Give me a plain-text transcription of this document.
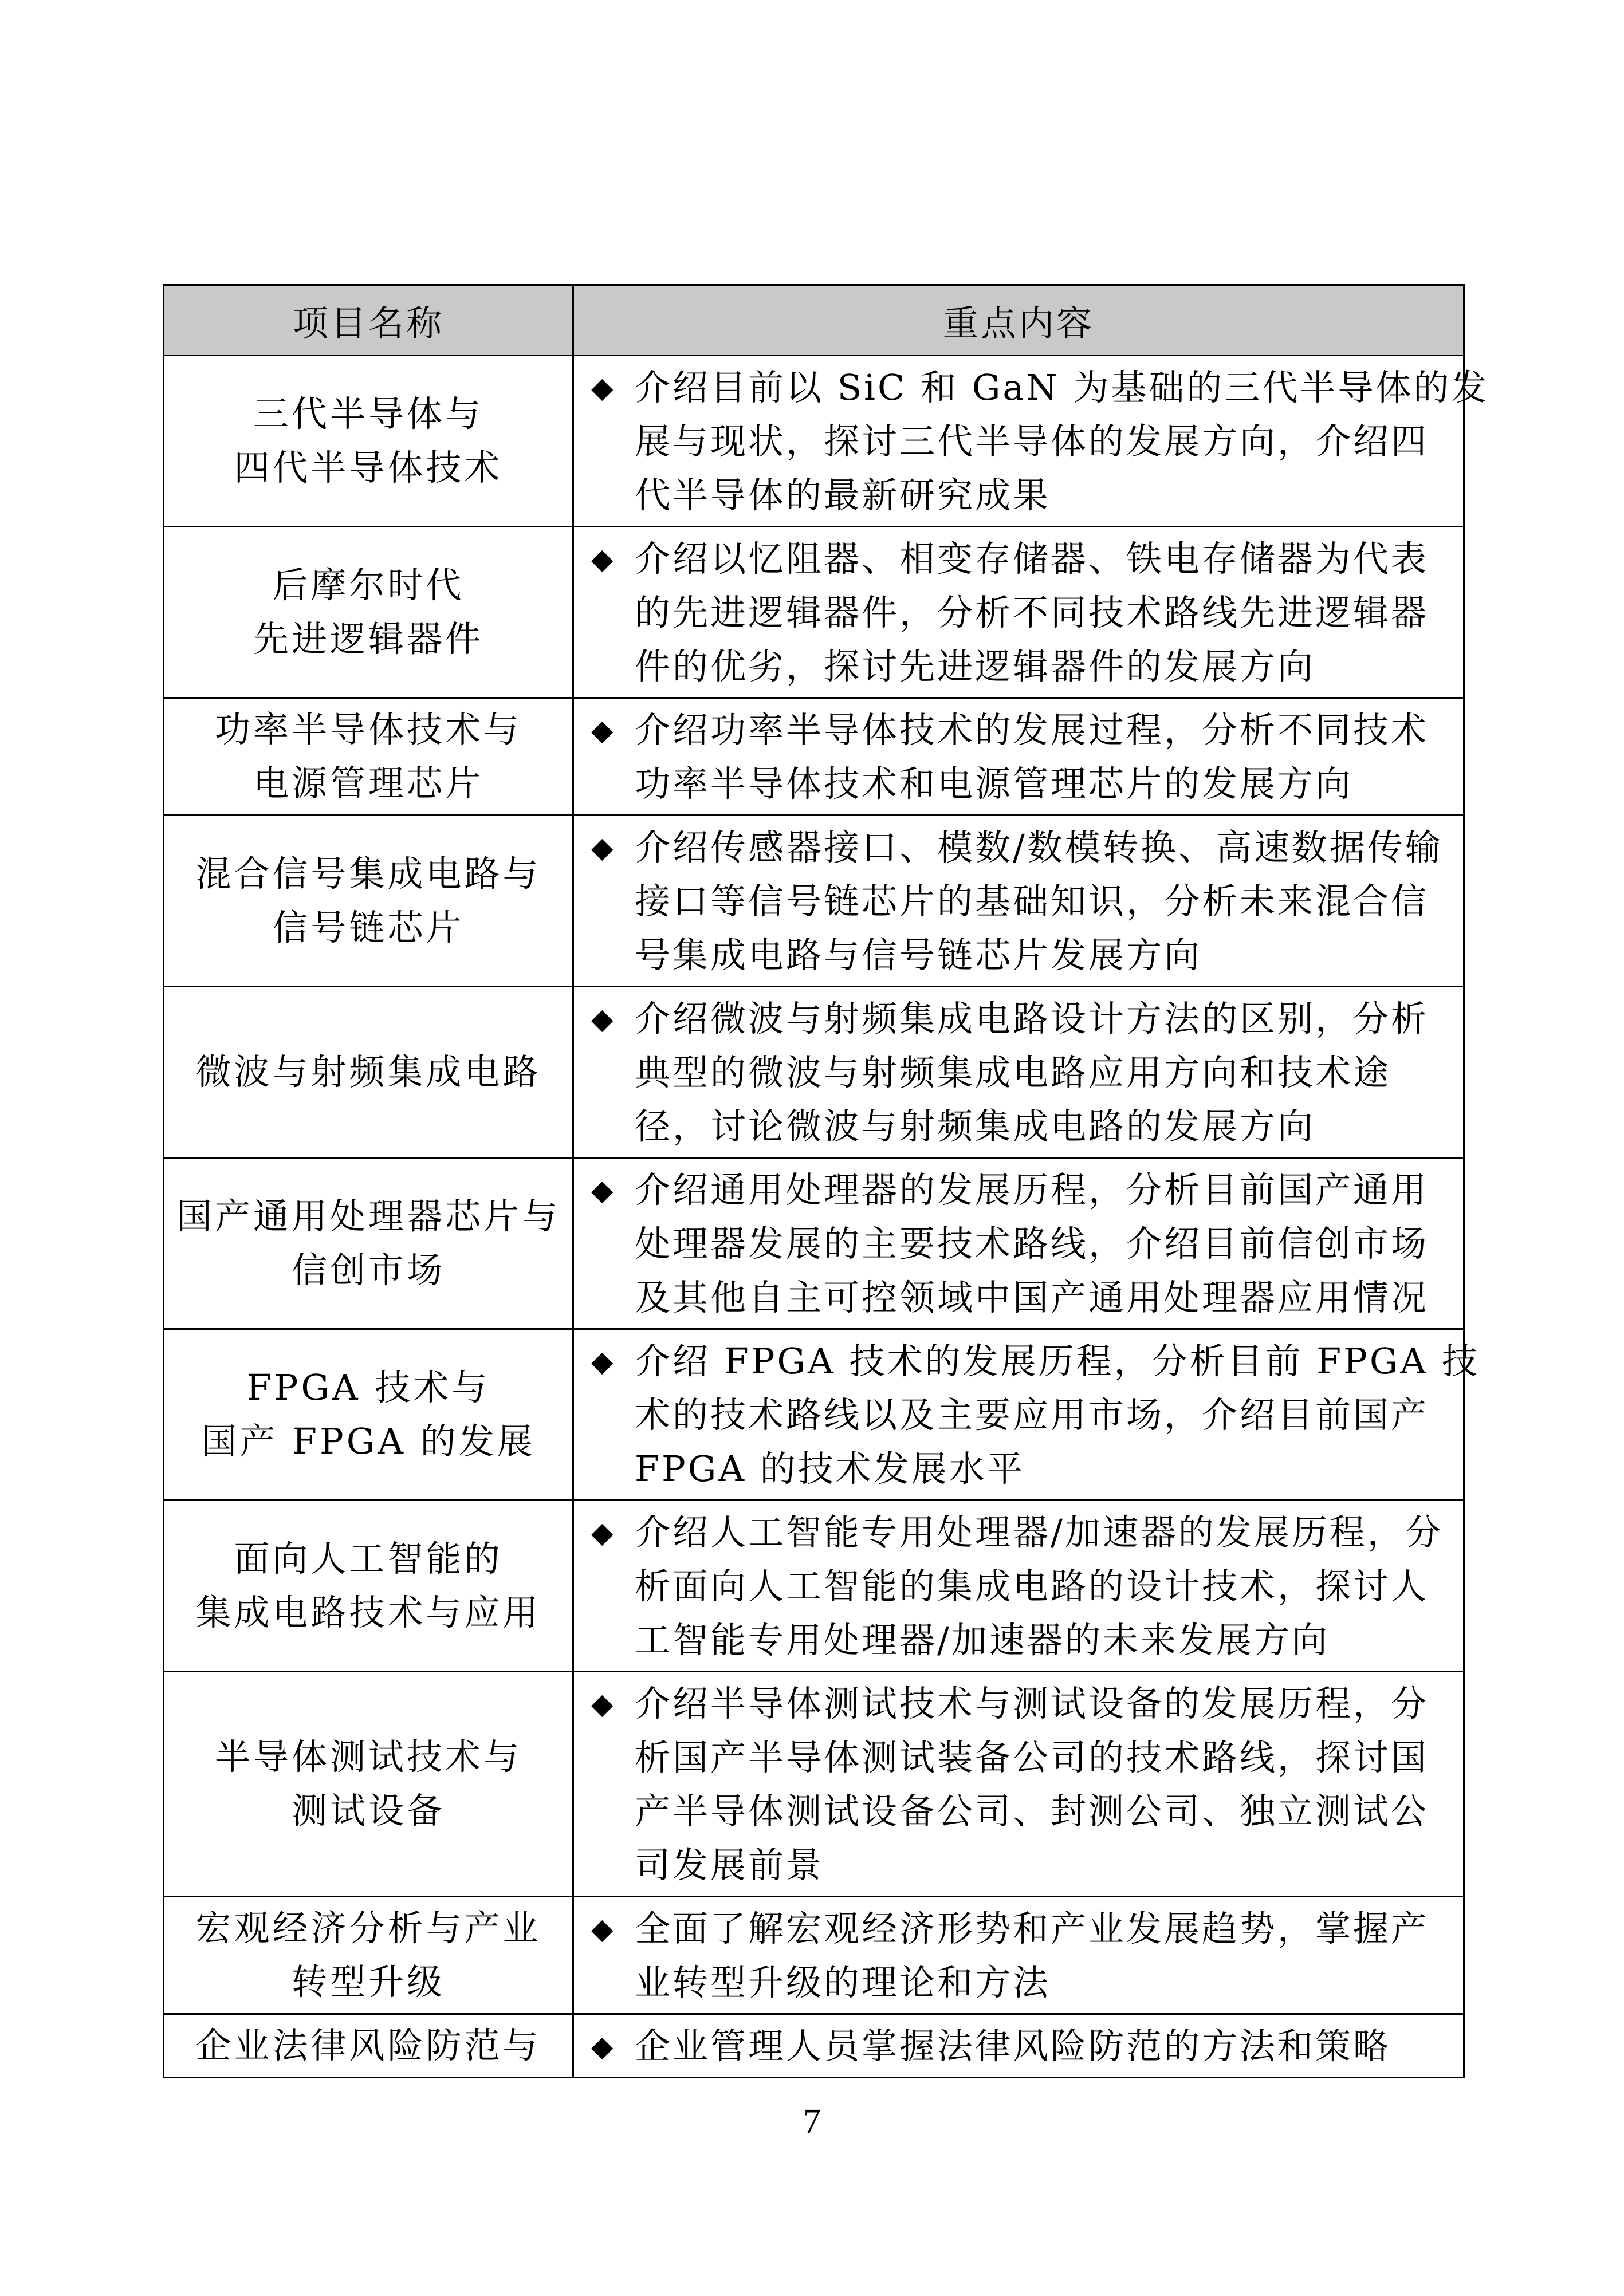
项目名称	重点内容

三代半导体与
四代半导体技术	◆ 介绍目前以 SiC 和 GaN 为基础的三代半导体的发
展与现状，探讨三代半导体的发展方向，介绍四
代半导体的最新研究成果

后摩尔时代
先进逻辑器件	◆ 介绍以忆阻器、相变存储器、铁电存储器为代表
的先进逻辑器件，分析不同技术路线先进逻辑器
件的优劣，探讨先进逻辑器件的发展方向

功率半导体技术与
电源管理芯片	◆ 介绍功率半导体技术的发展过程，分析不同技术
功率半导体技术和电源管理芯片的发展方向

混合信号集成电路与
信号链芯片	◆ 介绍传感器接口、模数/数模转换、高速数据传输
接口等信号链芯片的基础知识，分析未来混合信
号集成电路与信号链芯片发展方向

微波与射频集成电路	◆ 介绍微波与射频集成电路设计方法的区别，分析
典型的微波与射频集成电路应用方向和技术途
径，讨论微波与射频集成电路的发展方向

国产通用处理器芯片与
信创市场	◆ 介绍通用处理器的发展历程，分析目前国产通用
处理器发展的主要技术路线，介绍目前信创市场
及其他自主可控领域中国产通用处理器应用情况

FPGA 技术与
国产 FPGA 的发展	◆ 介绍 FPGA 技术的发展历程，分析目前 FPGA 技
术的技术路线以及主要应用市场，介绍目前国产
FPGA 的技术发展水平

面向人工智能的
集成电路技术与应用	◆ 介绍人工智能专用处理器/加速器的发展历程，分
析面向人工智能的集成电路的设计技术，探讨人
工智能专用处理器/加速器的未来发展方向

半导体测试技术与
测试设备	◆ 介绍半导体测试技术与测试设备的发展历程，分
析国产半导体测试装备公司的技术路线，探讨国
产半导体测试设备公司、封测公司、独立测试公
司发展前景

宏观经济分析与产业
转型升级	◆ 全面了解宏观经济形势和产业发展趋势，掌握产
业转型升级的理论和方法

企业法律风险防范与	◆ 企业管理人员掌握法律风险防范的方法和策略
7
